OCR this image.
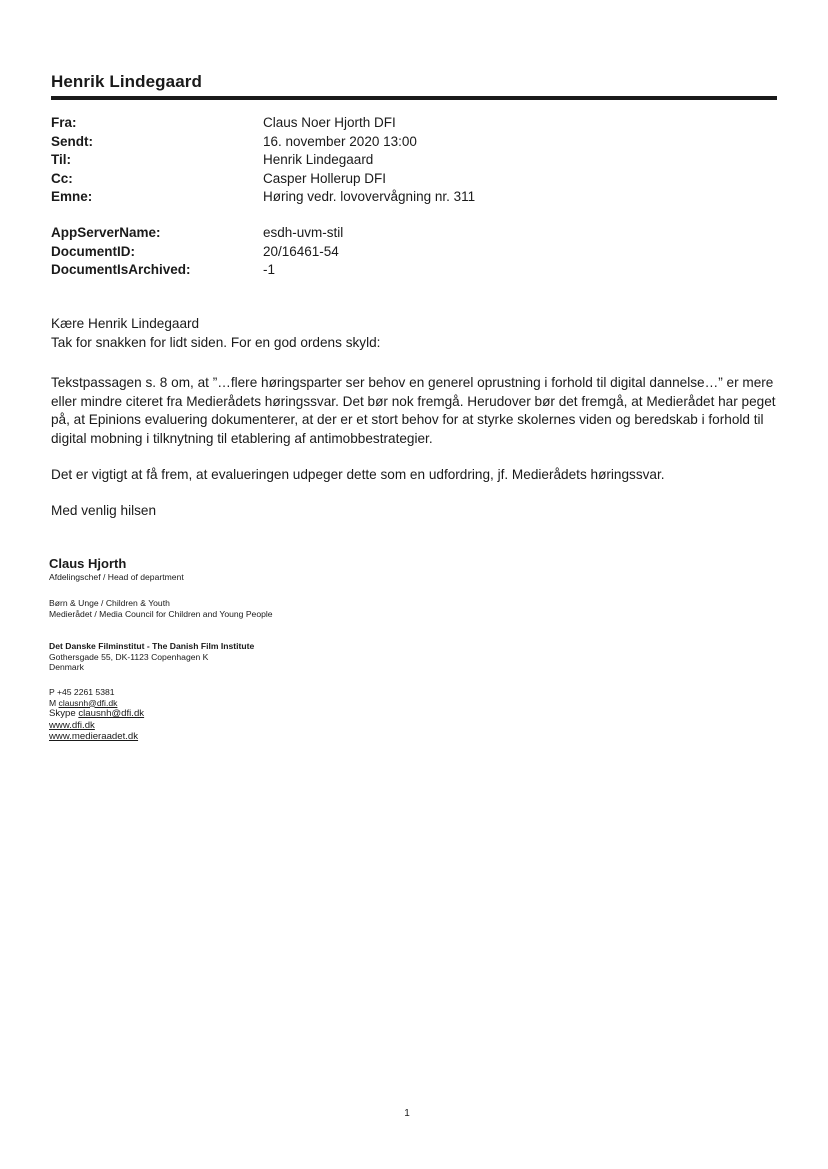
Henrik Lindegaard
Fra:	Claus Noer Hjorth DFI
Sendt:	16. november 2020 13:00
Til:	Henrik Lindegaard
Cc:	Casper Hollerup DFI
Emne:	Høring vedr. lovovervågning nr. 311
AppServerName:	esdh-uvm-stil
DocumentID:	20/16461-54
DocumentIsArchived:	-1

Kære Henrik Lindegaard

Tak for snakken for lidt siden. For en god ordens skyld:

Tekstpassagen s. 8 om, at ”…flere høringsparter ser behov en generel oprustning i forhold til digital dannelse…” er mere eller mindre citeret fra Medierådets høringssvar. Det bør nok fremgå. Herudover bør det fremgå, at Medierådet har peget på, at Epinions evaluering dokumenterer, at der er et stort behov for at styrke skolernes viden og beredskab i forhold til digital mobning i tilknytning til etablering af antimobbestrategier.
Det er vigtigt at få frem, at evalueringen udpeger dette som en udfordring, jf. Medierådets høringssvar.
Med venlig hilsen
Claus Hjorth
Afdelingschef / Head of department
Børn & Unge / Children & Youth
Medierådet / Media Council for Children and Young People
Det Danske Filminstitut - The Danish Film Institute
Gothersgade 55, DK-1123 Copenhagen K
Denmark
P +45 2261 5381
M clausnh@dfi.dk
Skype clausnh@dfi.dk
www.dfi.dk
www.medieraadet.dk
1
